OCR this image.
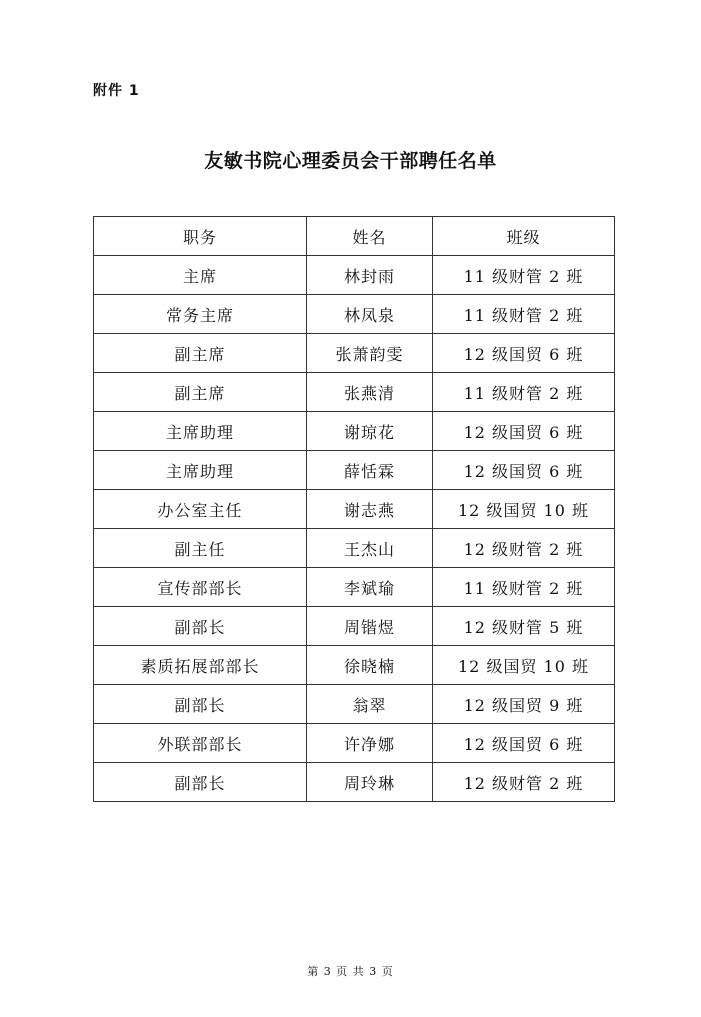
附件 1
友敏书院心理委员会干部聘任名单
职务	姓名	班级
主席	林封雨	11 级财管 2 班
常务主席	林凤泉	11 级财管 2 班
副主席	张萧韵雯	12 级国贸 6 班
副主席	张燕清	11 级财管 2 班
主席助理	谢琼花	12 级国贸 6 班
主席助理	薛恬霖	12 级国贸 6 班
办公室主任	谢志燕	12 级国贸 10 班
副主任	王杰山	12 级财管 2 班
宣传部部长	李斌瑜	11 级财管 2 班
副部长	周锴煜	12 级财管 5 班
素质拓展部部长	徐晓楠	12 级国贸 10 班
副部长	翁翠	12 级国贸 9 班
外联部部长	许净娜	12 级国贸 6 班
副部长	周玲琳	12 级财管 2 班
第 3 页 共 3 页
